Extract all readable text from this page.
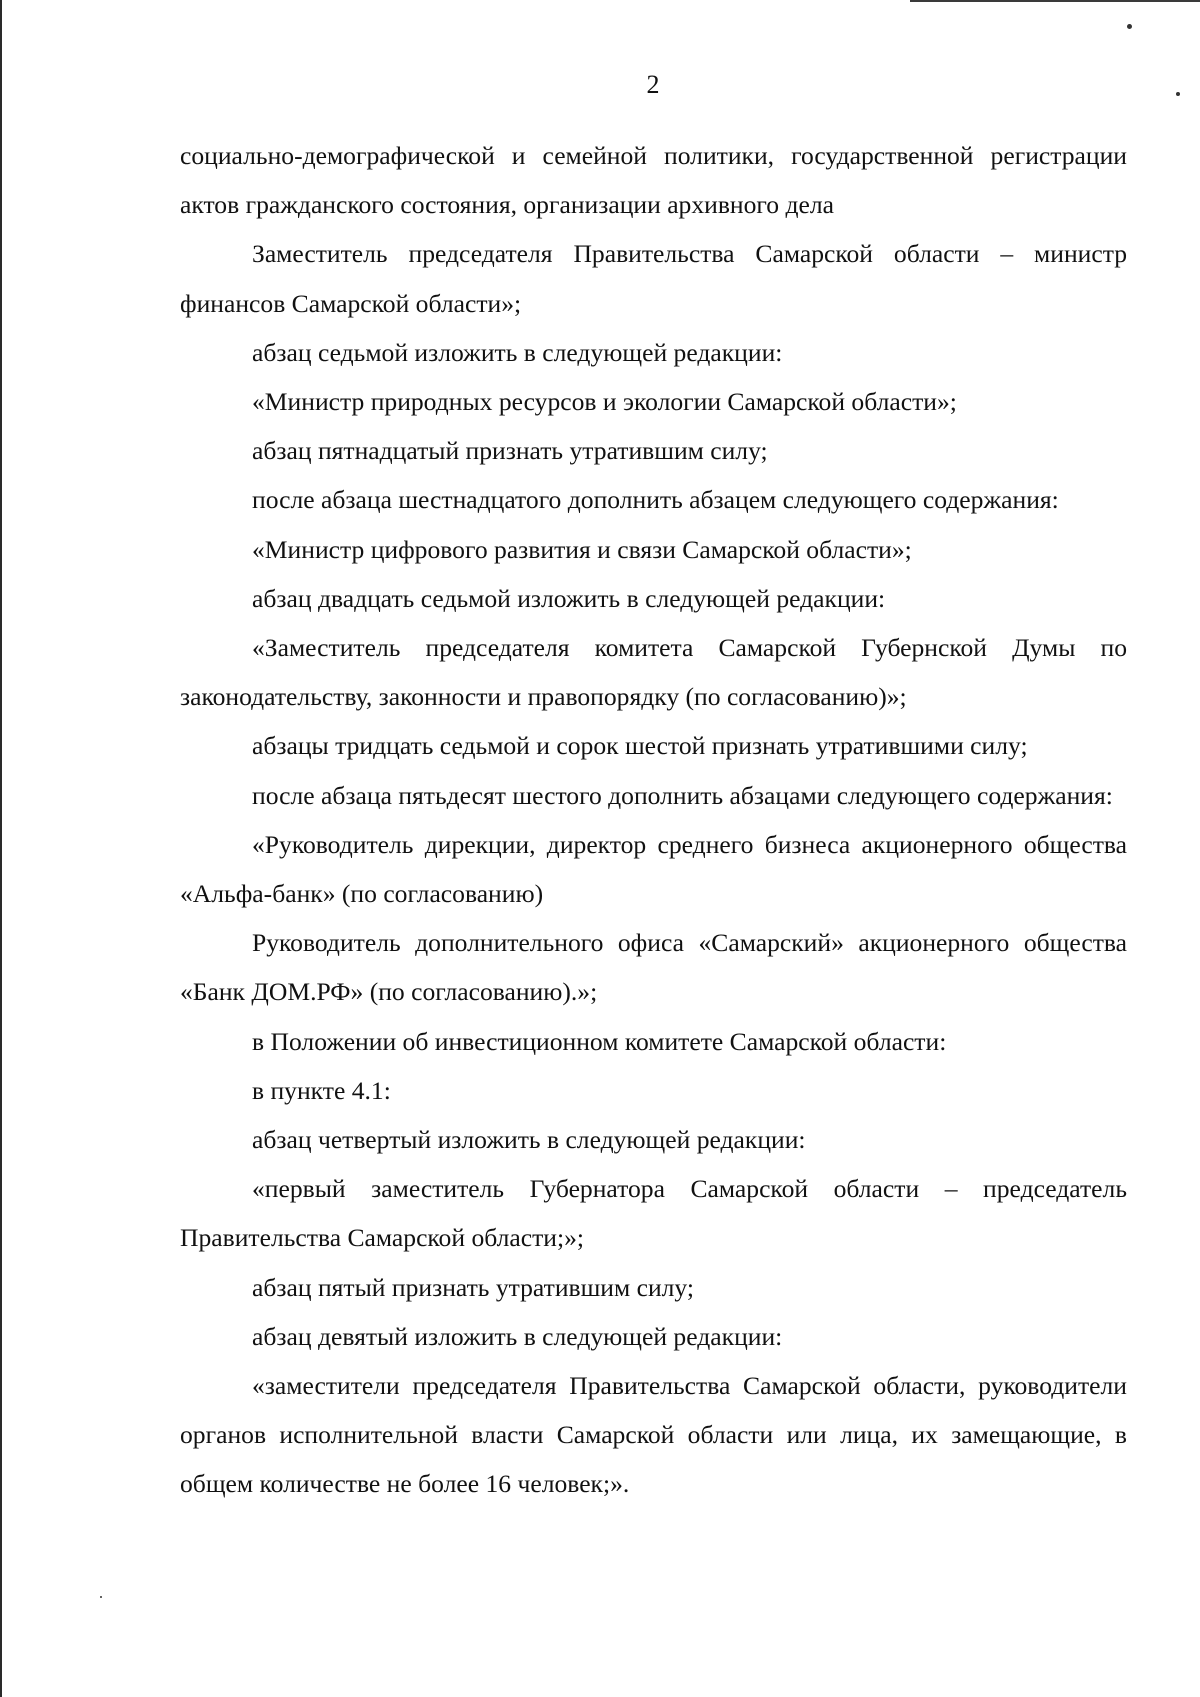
2

социально-демографической и семейной политики, государственной регистрации актов гражданского состояния, организации архивного дела

Заместитель председателя Правительства Самарской области – министр финансов Самарской области»;

абзац седьмой изложить в следующей редакции:

«Министр природных ресурсов и экологии Самарской области»;

абзац пятнадцатый признать утратившим силу;

после абзаца шестнадцатого дополнить абзацем следующего содержания:

«Министр цифрового развития и связи Самарской области»;

абзац двадцать седьмой изложить в следующей редакции:

«Заместитель председателя комитета Самарской Губернской Думы по законодательству, законности и правопорядку (по согласованию)»;

абзацы тридцать седьмой и сорок шестой признать утратившими силу;

после абзаца пятьдесят шестого дополнить абзацами следующего содержания:

«Руководитель дирекции, директор среднего бизнеса акционерного общества «Альфа-банк» (по согласованию)

Руководитель дополнительного офиса «Самарский» акционерного общества «Банк ДОМ.РФ» (по согласованию).»;

в Положении об инвестиционном комитете Самарской области:

в пункте 4.1:

абзац четвертый изложить в следующей редакции:

«первый заместитель Губернатора Самарской области – председатель Правительства Самарской области;»;

абзац пятый признать утратившим силу;

абзац девятый изложить в следующей редакции:

«заместители председателя Правительства Самарской области, руководители органов исполнительной власти Самарской области или лица, их замещающие, в общем количестве не более 16 человек;».
